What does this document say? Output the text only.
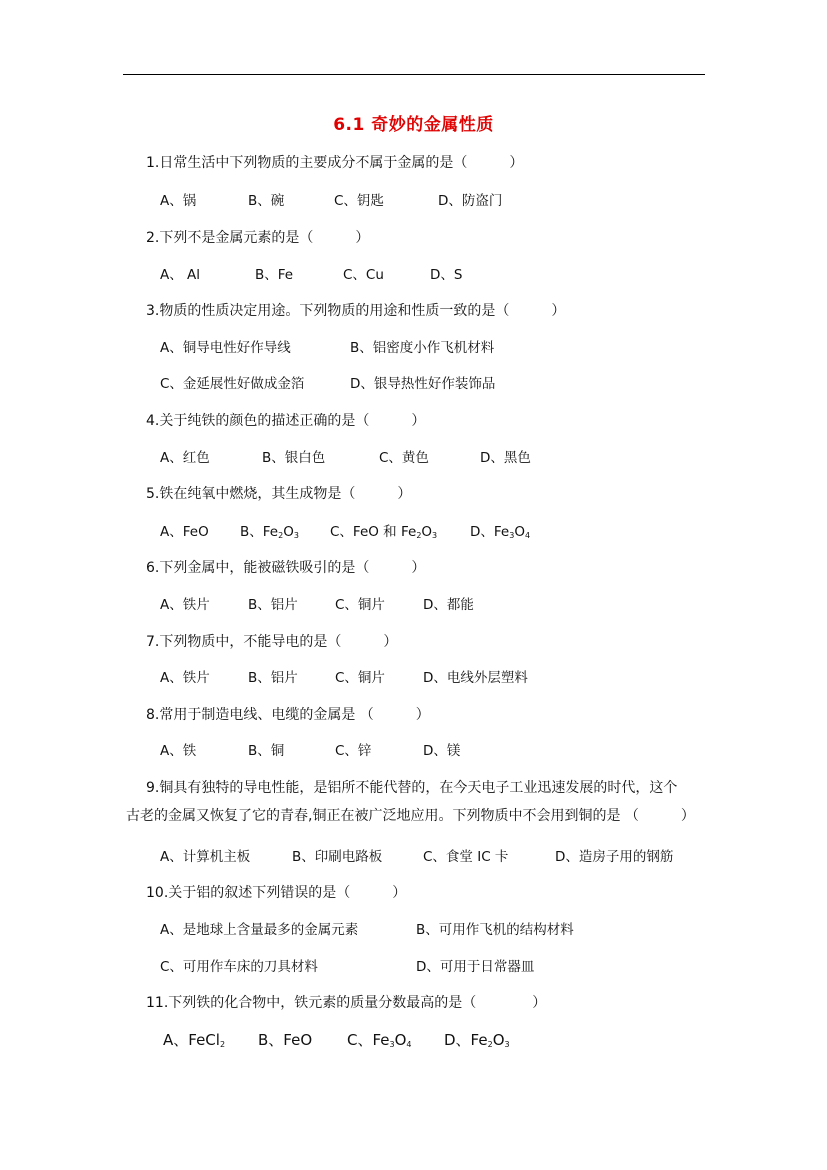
6.1 奇妙的金属性质
1.日常生活中下列物质的主要成分不属于金属的是（　　　）
A、锅	B、碗	C、钥匙	D、防盗门
2.下列不是金属元素的是（　　　）
A、 Al	B、Fe	C、Cu	D、S
3.物质的性质决定用途。下列物质的用途和性质一致的是（　　　）
A、铜导电性好作导线	B、铝密度小作飞机材料
C、金延展性好做成金箔	D、银导热性好作装饰品
4.关于纯铁的颜色的描述正确的是（　　　）
A、红色	B、银白色	C、黄色	D、黑色
5.铁在纯氧中燃烧，其生成物是（　　　）
A、FeO B、$Fe_2O_3$ C、FeO 和 $Fe_2O_3$ D、$Fe_3O_4$
6.下列金属中，能被磁铁吸引的是（　　　）
A、铁片	B、铝片	C、铜片	D、都能
7.下列物质中，不能导电的是（　　　）
A、铁片	B、铝片	C、铜片	D、电线外层塑料
8.常用于制造电线、电缆的金属是 （　　　）
A、铁	B、铜	C、锌	D、镁
9.铜具有独特的导电性能，是铝所不能代替的，在今天电子工业迅速发展的时代，这个
古老的金属又恢复了它的青春,铜正在被广泛地应用。下列物质中不会用到铜的是 （　　　）
A、计算机主板	B、印刷电路板	C、食堂 IC 卡	D、造房子用的钢筋
10.关于铝的叙述下列错误的是（　　　）
A、是地球上含量最多的金属元素	B、可用作飞机的结构材料
C、可用作车床的刀具材料	D、可用于日常器皿
11.下列铁的化合物中，铁元素的质量分数最高的是（　　　　）
A、FeCl$_2$ B、FeO C、$Fe_3O_4$ D、$Fe_2O_3$
